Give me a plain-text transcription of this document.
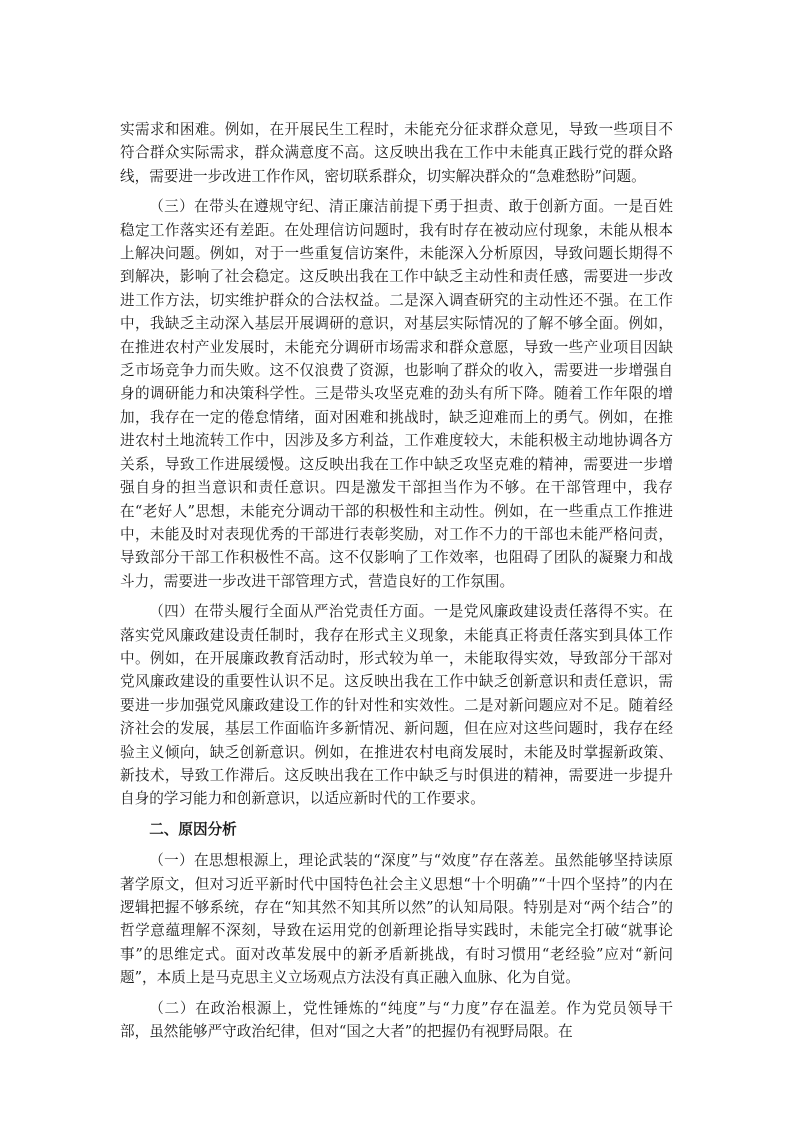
实需求和困难。例如，在开展民生工程时，未能充分征求群众意见，导致一些项目不符合群众实际需求，群众满意度不高。这反映出我在工作中未能真正践行党的群众路线，需要进一步改进工作作风，密切联系群众，切实解决群众的“急难愁盼”问题。

（三）在带头在遵规守纪、清正廉洁前提下勇于担责、敢于创新方面。一是百姓稳定工作落实还有差距。在处理信访问题时，我有时存在被动应付现象，未能从根本上解决问题。例如，对于一些重复信访案件，未能深入分析原因，导致问题长期得不到解决，影响了社会稳定。这反映出我在工作中缺乏主动性和责任感，需要进一步改进工作方法，切实维护群众的合法权益。二是深入调查研究的主动性还不强。在工作中，我缺乏主动深入基层开展调研的意识，对基层实际情况的了解不够全面。例如，在推进农村产业发展时，未能充分调研市场需求和群众意愿，导致一些产业项目因缺乏市场竞争力而失败。这不仅浪费了资源，也影响了群众的收入，需要进一步增强自身的调研能力和决策科学性。三是带头攻坚克难的劲头有所下降。随着工作年限的增加，我存在一定的倦怠情绪，面对困难和挑战时，缺乏迎难而上的勇气。例如，在推进农村土地流转工作中，因涉及多方利益，工作难度较大，未能积极主动地协调各方关系，导致工作进展缓慢。这反映出我在工作中缺乏攻坚克难的精神，需要进一步增强自身的担当意识和责任意识。四是激发干部担当作为不够。在干部管理中，我存在“老好人”思想，未能充分调动干部的积极性和主动性。例如，在一些重点工作推进中，未能及时对表现优秀的干部进行表彰奖励，对工作不力的干部也未能严格问责，导致部分干部工作积极性不高。这不仅影响了工作效率，也阻碍了团队的凝聚力和战斗力，需要进一步改进干部管理方式，营造良好的工作氛围。

（四）在带头履行全面从严治党责任方面。一是党风廉政建设责任落得不实。在落实党风廉政建设责任制时，我存在形式主义现象，未能真正将责任落实到具体工作中。例如，在开展廉政教育活动时，形式较为单一，未能取得实效，导致部分干部对党风廉政建设的重要性认识不足。这反映出我在工作中缺乏创新意识和责任意识，需要进一步加强党风廉政建设工作的针对性和实效性。二是对新问题应对不足。随着经济社会的发展，基层工作面临许多新情况、新问题，但在应对这些问题时，我存在经验主义倾向，缺乏创新意识。例如，在推进农村电商发展时，未能及时掌握新政策、新技术，导致工作滞后。这反映出我在工作中缺乏与时俱进的精神，需要进一步提升自身的学习能力和创新意识，以适应新时代的工作要求。

二、原因分析

（一）在思想根源上，理论武装的“深度”与“效度”存在落差。虽然能够坚持读原著学原文，但对习近平新时代中国特色社会主义思想“十个明确”“十四个坚持”的内在逻辑把握不够系统，存在“知其然不知其所以然”的认知局限。特别是对“两个结合”的哲学意蕴理解不深刻，导致在运用党的创新理论指导实践时，未能完全打破“就事论事”的思维定式。面对改革发展中的新矛盾新挑战，有时习惯用“老经验”应对“新问题”，本质上是马克思主义立场观点方法没有真正融入血脉、化为自觉。

（二）在政治根源上，党性锤炼的“纯度”与“力度”存在温差。作为党员领导干部，虽然能够严守政治纪律，但对“国之大者”的把握仍有视野局限。在
